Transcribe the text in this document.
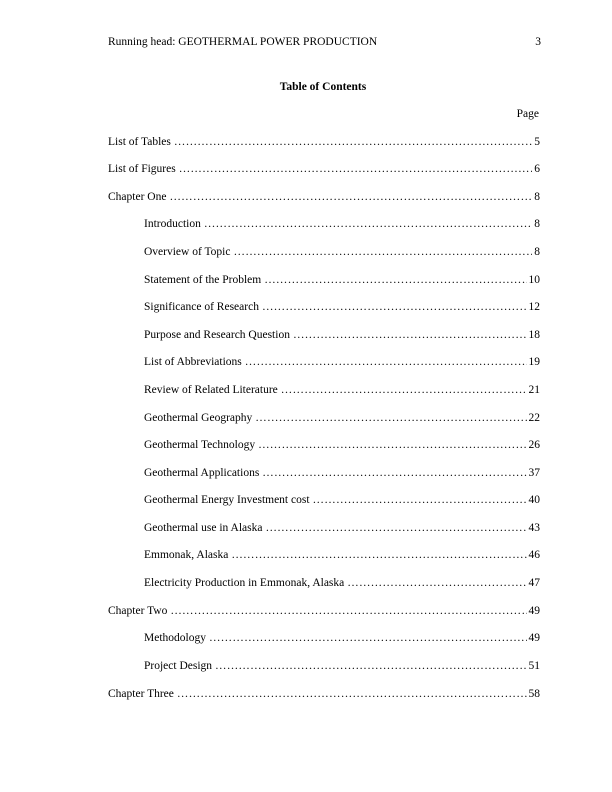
Running head: GEOTHERMAL POWER PRODUCTION	3
Table of Contents
Page
List of Tables ……………………………………………………………………………………………………………………………………………	5
List of Figures ……………………………………………………………………………………………………………………………………………	6
Chapter One ……………………………………………………………………………………………………………………………………………	8
Introduction ……………………………………………………………………………………………………………………………………………	8
Overview of Topic ……………………………………………………………………………………………………………………………………………	8
Statement of the Problem ……………………………………………………………………………………………………………………………………………	10
Significance of Research ……………………………………………………………………………………………………………………………………………	12
Purpose and Research Question ……………………………………………………………………………………………………………………………………………	18
List of Abbreviations ……………………………………………………………………………………………………………………………………………	19
Review of Related Literature ……………………………………………………………………………………………………………………………………………	21
Geothermal Geography ……………………………………………………………………………………………………………………………………………	22
Geothermal Technology ……………………………………………………………………………………………………………………………………………	26
Geothermal Applications ……………………………………………………………………………………………………………………………………………	37
Geothermal Energy Investment cost ……………………………………………………………………………………………………………………………………………	40
Geothermal use in Alaska ……………………………………………………………………………………………………………………………………………	43
Emmonak, Alaska ……………………………………………………………………………………………………………………………………………	46
Electricity Production in Emmonak, Alaska ……………………………………………………………………………………………………………………………………………	47
Chapter Two ……………………………………………………………………………………………………………………………………………	49
Methodology ……………………………………………………………………………………………………………………………………………	49
Project Design ……………………………………………………………………………………………………………………………………………	51
Chapter Three ……………………………………………………………………………………………………………………………………………	58
